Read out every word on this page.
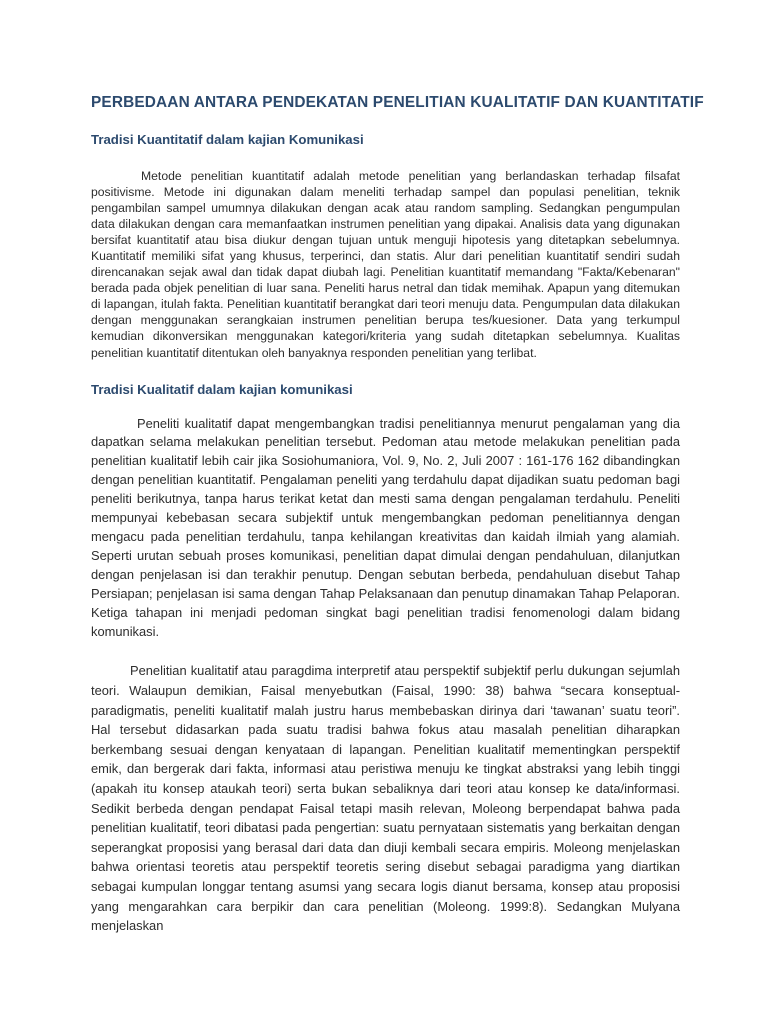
PERBEDAAN ANTARA PENDEKATAN PENELITIAN KUALITATIF DAN KUANTITATIF
Tradisi Kuantitatif dalam kajian Komunikasi

Metode penelitian kuantitatif adalah metode penelitian yang berlandaskan terhadap filsafat positivisme. Metode ini digunakan dalam meneliti terhadap sampel dan populasi penelitian, teknik pengambilan sampel umumnya dilakukan dengan acak atau random sampling. Sedangkan pengumpulan data dilakukan dengan cara memanfaatkan instrumen penelitian yang dipakai. Analisis data yang digunakan bersifat kuantitatif atau bisa diukur dengan tujuan untuk menguji hipotesis yang ditetapkan sebelumnya. Kuantitatif memiliki sifat yang khusus, terperinci, dan statis. Alur dari penelitian kuantitatif sendiri sudah direncanakan sejak awal dan tidak dapat diubah lagi. Penelitian kuantitatif memandang "Fakta/Kebenaran" berada pada objek penelitian di luar sana. Peneliti harus netral dan tidak memihak. Apapun yang ditemukan di lapangan, itulah fakta. Penelitian kuantitatif berangkat dari teori menuju data. Pengumpulan data dilakukan dengan menggunakan serangkaian instrumen penelitian berupa tes/kuesioner. Data yang terkumpul kemudian dikonversikan menggunakan kategori/kriteria yang sudah ditetapkan sebelumnya. Kualitas penelitian kuantitatif ditentukan oleh banyaknya responden penelitian yang terlibat.

Tradisi Kualitatif dalam kajian komunikasi

Peneliti kualitatif dapat mengembangkan tradisi penelitiannya menurut pengalaman yang dia dapatkan selama melakukan penelitian tersebut. Pedoman atau metode melakukan penelitian pada penelitian kualitatif lebih cair jika Sosiohumaniora, Vol. 9, No. 2, Juli 2007 : 161-176 162 dibandingkan dengan penelitian kuantitatif. Pengalaman peneliti yang terdahulu dapat dijadikan suatu pedoman bagi peneliti berikutnya, tanpa harus terikat ketat dan mesti sama dengan pengalaman terdahulu. Peneliti mempunyai kebebasan secara subjektif untuk mengembangkan pedoman penelitiannya dengan mengacu pada penelitian terdahulu, tanpa kehilangan kreativitas dan kaidah ilmiah yang alamiah. Seperti urutan sebuah proses komunikasi, penelitian dapat dimulai dengan pendahuluan, dilanjutkan dengan penjelasan isi dan terakhir penutup. Dengan sebutan berbeda, pendahuluan disebut Tahap Persiapan; penjelasan isi sama dengan Tahap Pelaksanaan dan penutup dinamakan Tahap Pelaporan. Ketiga tahapan ini menjadi pedoman singkat bagi penelitian tradisi fenomenologi dalam bidang komunikasi.

Penelitian kualitatif atau paragdima interpretif atau perspektif subjektif perlu dukungan sejumlah teori. Walaupun demikian, Faisal menyebutkan (Faisal, 1990: 38) bahwa “secara konseptual-paradigmatis, peneliti kualitatif malah justru harus membebaskan dirinya dari ‘tawanan’ suatu teori”. Hal tersebut didasarkan pada suatu tradisi bahwa fokus atau masalah penelitian diharapkan berkembang sesuai dengan kenyataan di lapangan. Penelitian kualitatif mementingkan perspektif emik, dan bergerak dari fakta, informasi atau peristiwa menuju ke tingkat abstraksi yang lebih tinggi (apakah itu konsep ataukah teori) serta bukan sebaliknya dari teori atau konsep ke data/informasi. Sedikit berbeda dengan pendapat Faisal tetapi masih relevan, Moleong berpendapat bahwa pada penelitian kualitatif, teori dibatasi pada pengertian: suatu pernyataan sistematis yang berkaitan dengan seperangkat proposisi yang berasal dari data dan diuji kembali secara empiris. Moleong menjelaskan bahwa orientasi teoretis atau perspektif teoretis sering disebut sebagai paradigma yang diartikan sebagai kumpulan longgar tentang asumsi yang secara logis dianut bersama, konsep atau proposisi yang mengarahkan cara berpikir dan cara penelitian (Moleong. 1999:8). Sedangkan Mulyana menjelaskan
